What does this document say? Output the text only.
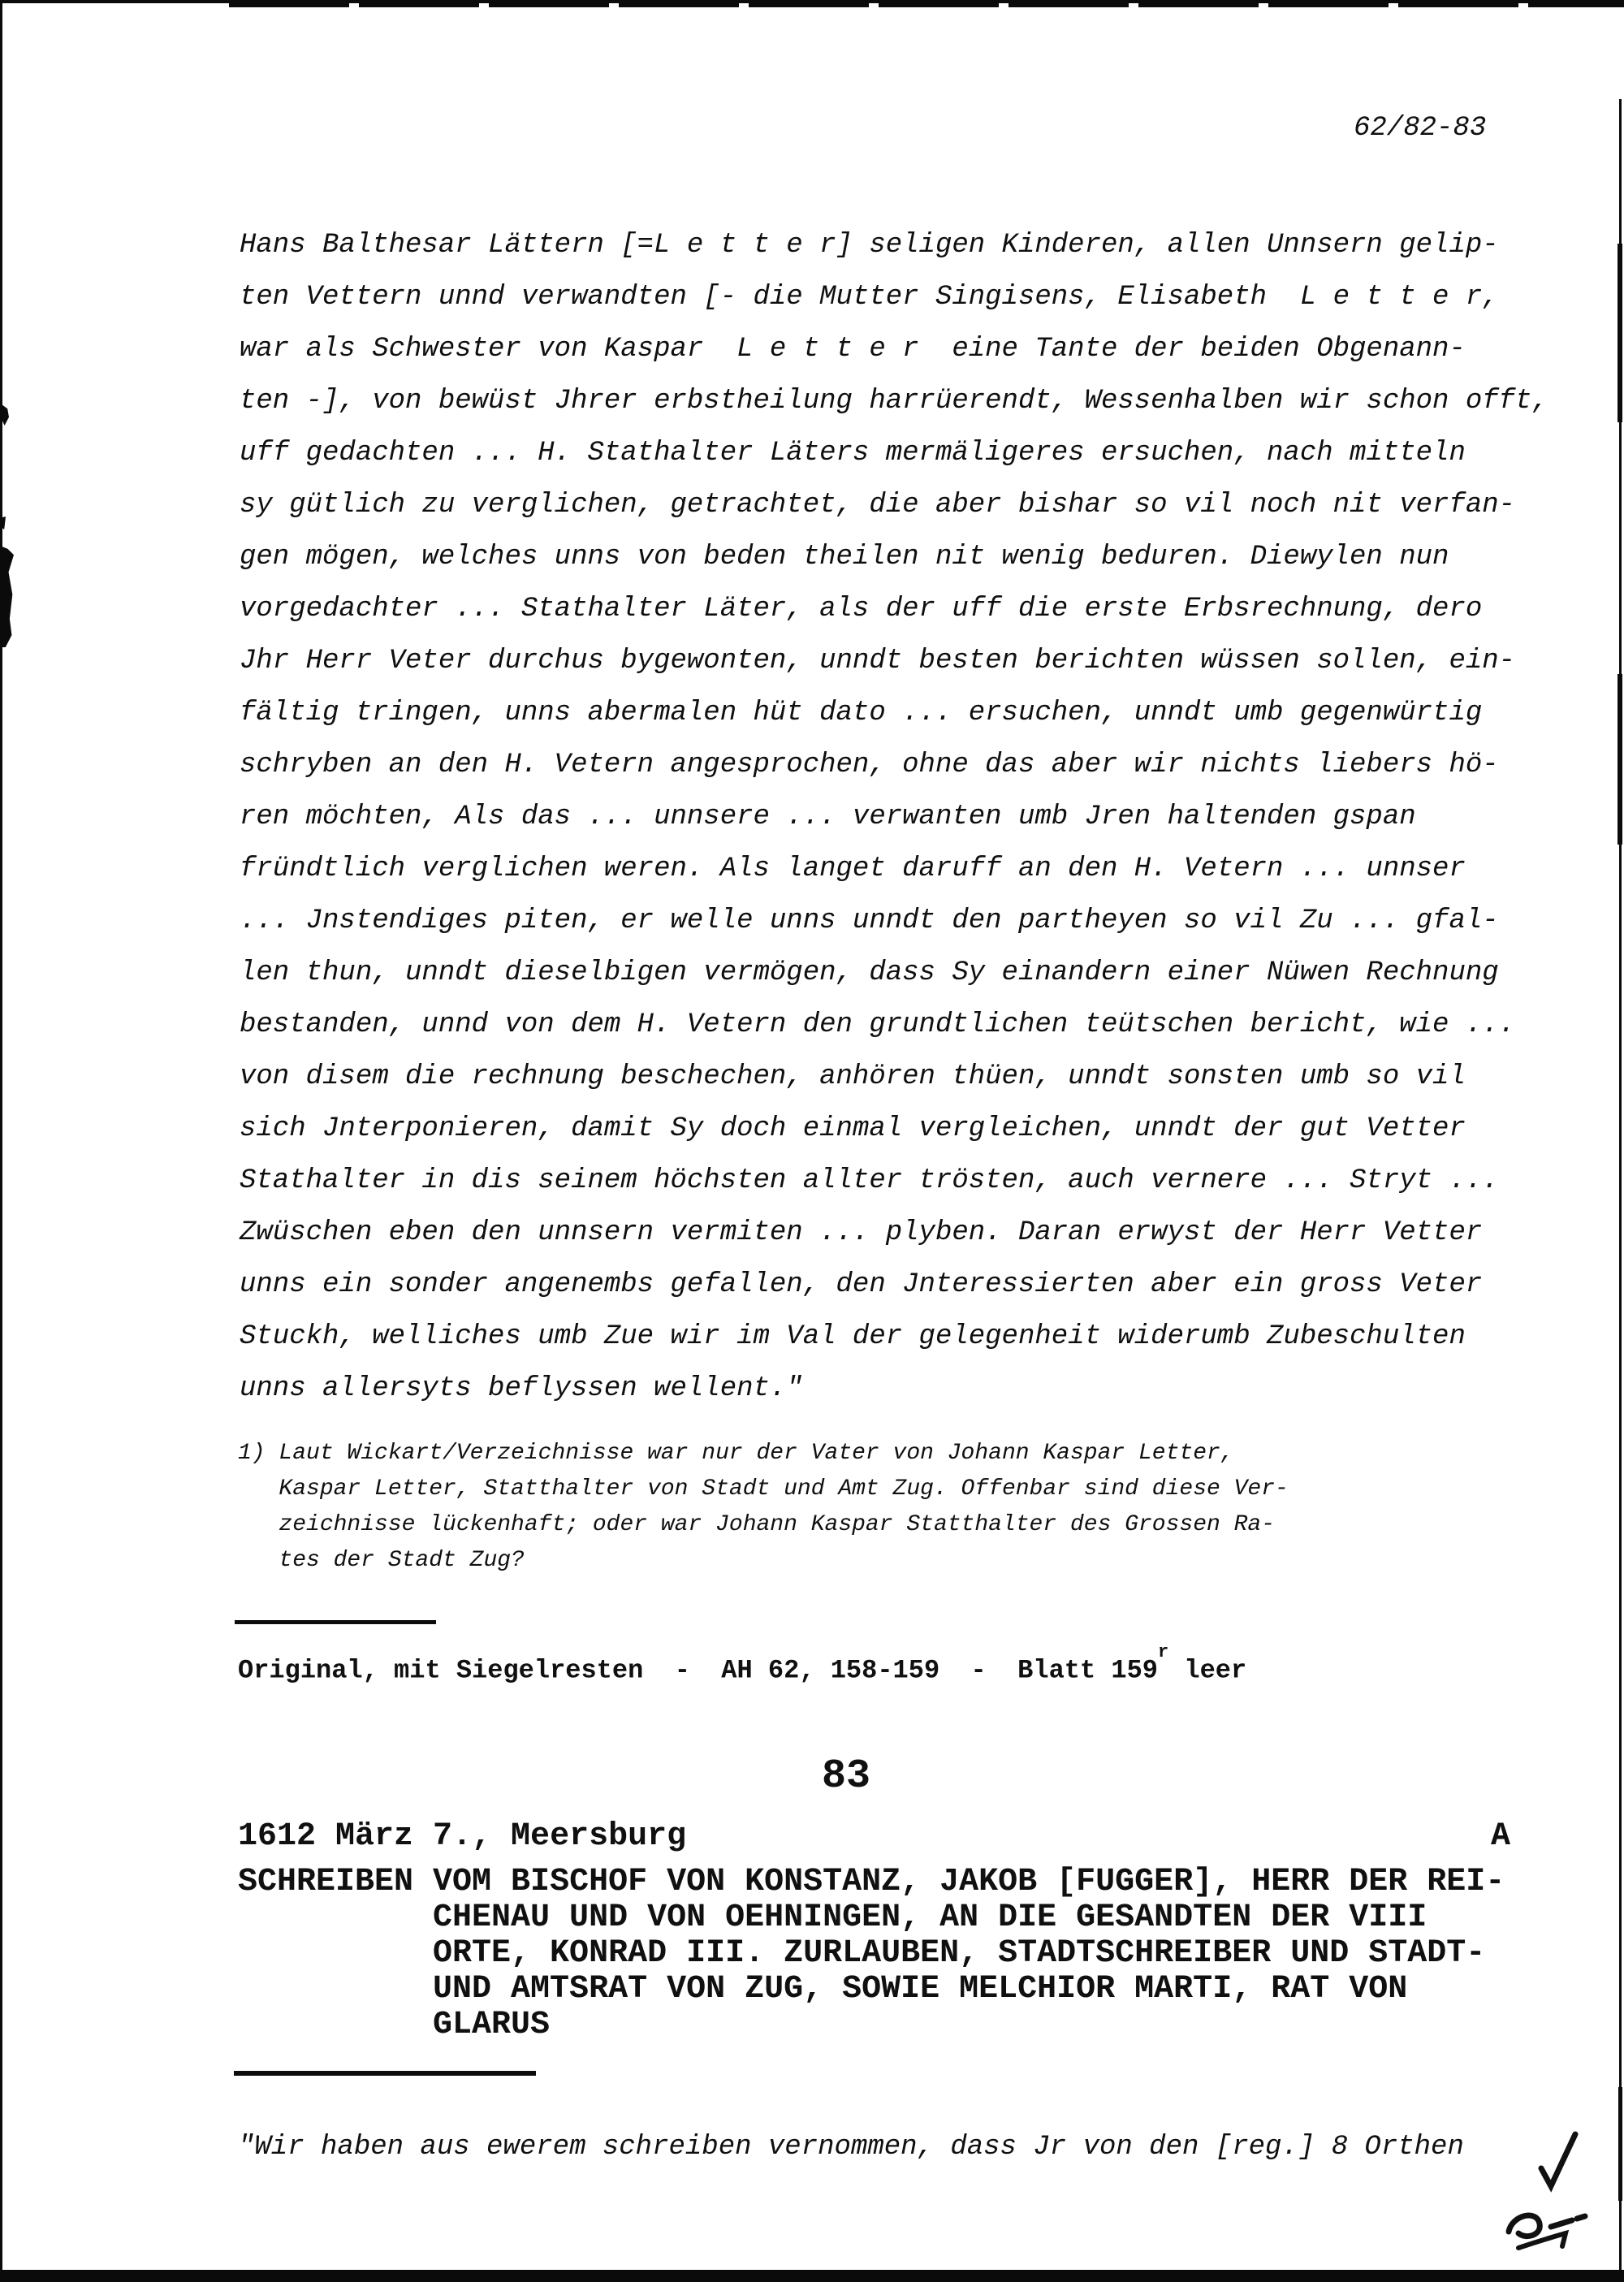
62/82-83
Hans Balthesar Lättern [=L e t t e r] seligen Kinderen, allen Unnsern gelip-
ten Vettern unnd verwandten [- die Mutter Singisens, Elisabeth  L e t t e r,
war als Schwester von Kaspar  L e t t e r  eine Tante der beiden Obgenann-
ten -], von bewüst Jhrer erbstheilung harrüerendt, Wessenhalben wir schon offt,
uff gedachten ... H. Stathalter Läters mermäligeres ersuchen, nach mitteln
sy gütlich zu verglichen, getrachtet, die aber bishar so vil noch nit verfan-
gen mögen, welches unns von beden theilen nit wenig beduren. Diewylen nun
vorgedachter ... Stathalter Läter, als der uff die erste Erbsrechnung, dero
Jhr Herr Veter durchus bygewonten, unndt besten berichten wüssen sollen, ein-
fältig tringen, unns abermalen hüt dato ... ersuchen, unndt umb gegenwürtig
schryben an den H. Vetern angesprochen, ohne das aber wir nichts liebers hö-
ren möchten, Als das ... unnsere ... verwanten umb Jren haltenden gspan
fründtlich verglichen weren. Als langet daruff an den H. Vetern ... unnser
... Jnstendiges piten, er welle unns unndt den partheyen so vil Zu ... gfal-
len thun, unndt dieselbigen vermögen, dass Sy einandern einer Nüwen Rechnung
bestanden, unnd von dem H. Vetern den grundtlichen teütschen bericht, wie ...
von disem die rechnung beschechen, anhören thüen, unndt sonsten umb so vil
sich Jnterponieren, damit Sy doch einmal vergleichen, unndt der gut Vetter
Stathalter in dis seinem höchsten allter trösten, auch vernere ... Stryt ...
Zwüschen eben den unnsern vermiten ... plyben. Daran erwyst der Herr Vetter
unns ein sonder angenembs gefallen, den Jnteressierten aber ein gross Veter
Stuckh, welliches umb Zue wir im Val der gelegenheit widerumb Zubeschulten
unns allersyts beflyssen wellent."
1) Laut Wickart/Verzeichnisse war nur der Vater von Johann Kaspar Letter,
Kaspar Letter, Statthalter von Stadt und Amt Zug. Offenbar sind diese Ver-
zeichnisse lückenhaft; oder war Johann Kaspar Statthalter des Grossen Ra-
tes der Stadt Zug?
Original, mit Siegelresten  -  AH 62, 158-159  -  Blatt 159$^r$ leer
83
1612 März 7., Meersburg	A
SCHREIBEN VOM BISCHOF VON KONSTANZ, JAKOB [FUGGER], HERR DER REI-
CHENAU UND VON OEHNINGEN, AN DIE GESANDTEN DER VIII
ORTE, KONRAD III. ZURLAUBEN, STADTSCHREIBER UND STADT-
UND AMTSRAT VON ZUG, SOWIE MELCHIOR MARTI, RAT VON
GLARUS
"Wir haben aus ewerem schreiben vernommen, dass Jr von den [reg.] 8 Orthen
